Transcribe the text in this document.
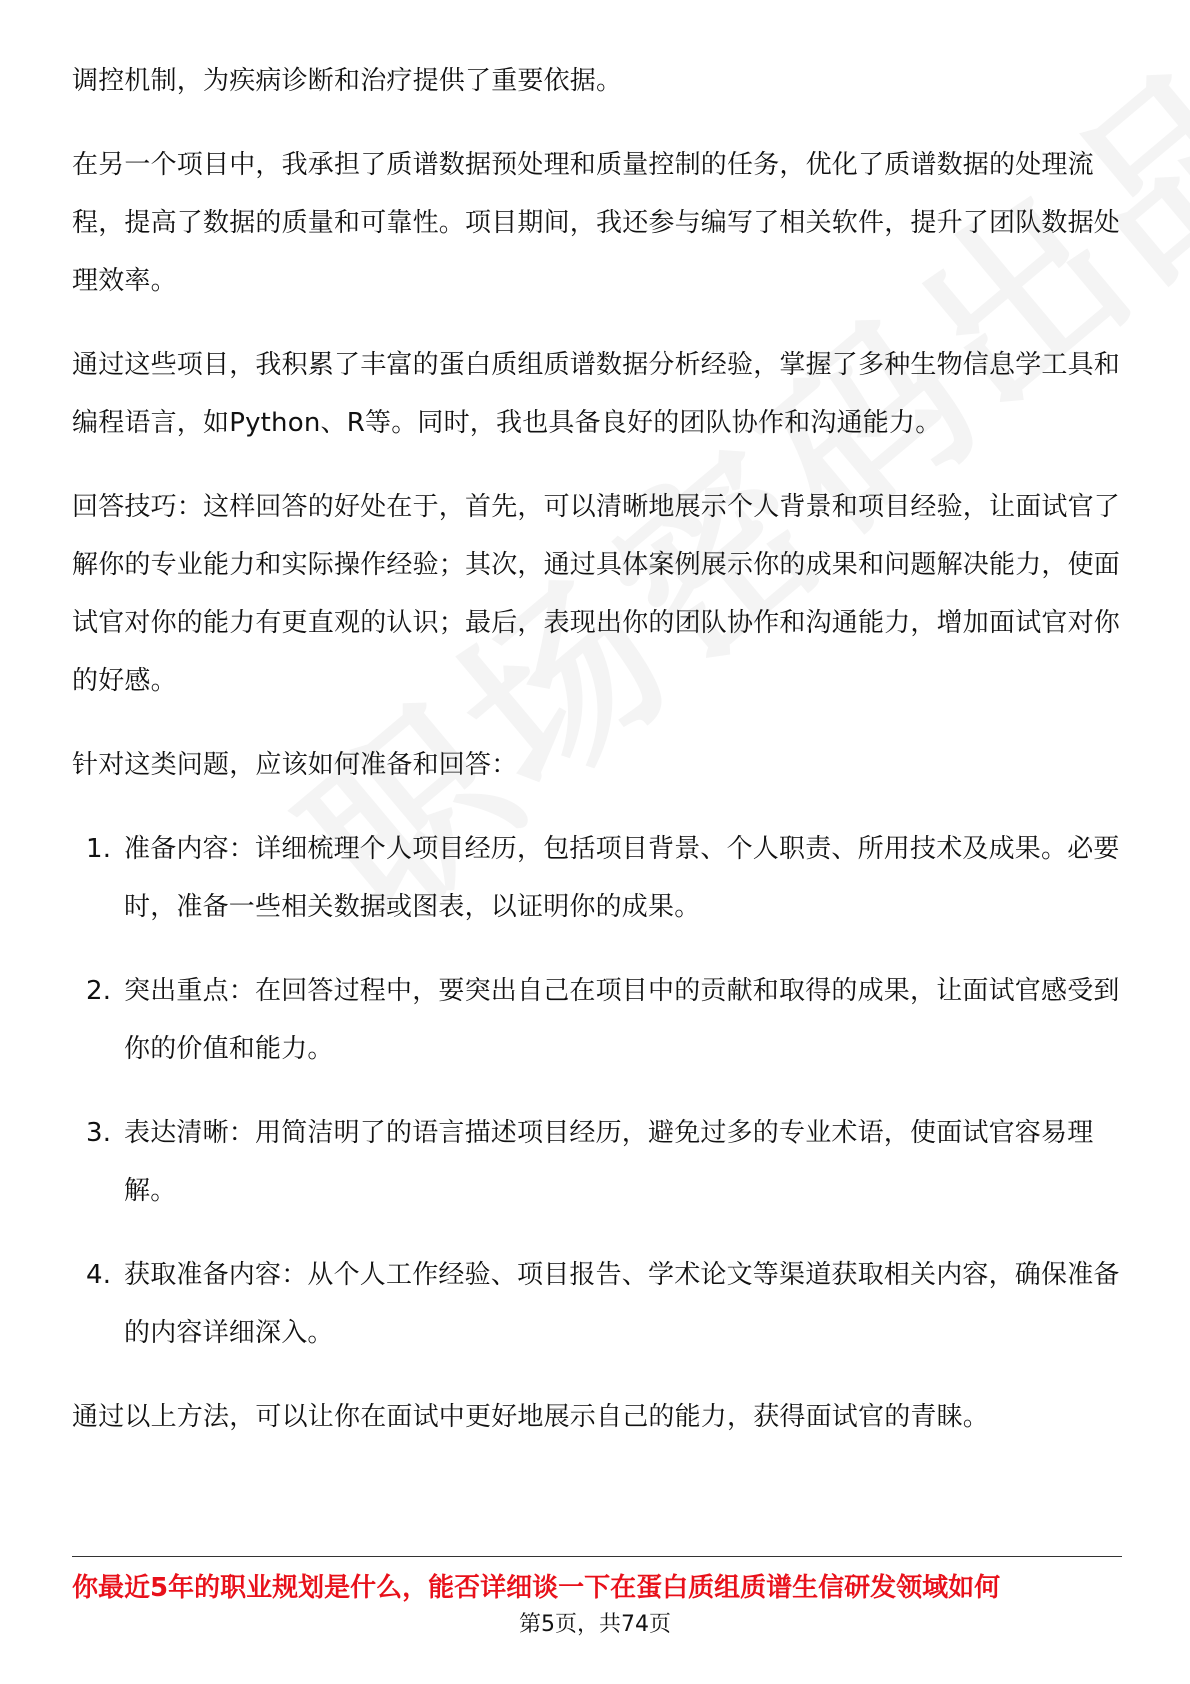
调控机制，为疾病诊断和治疗提供了重要依据。

在另一个项目中，我承担了质谱数据预处理和质量控制的任务，优化了质谱数据的处理流程，提高了数据的质量和可靠性。项目期间，我还参与编写了相关软件，提升了团队数据处理效率。

通过这些项目，我积累了丰富的蛋白质组质谱数据分析经验，掌握了多种生物信息学工具和编程语言，如Python、R等。同时，我也具备良好的团队协作和沟通能力。

回答技巧：这样回答的好处在于，首先，可以清晰地展示个人背景和项目经验，让面试官了解你的专业能力和实际操作经验；其次，通过具体案例展示你的成果和问题解决能力，使面试官对你的能力有更直观的认识；最后，表现出你的团队协作和沟通能力，增加面试官对你的好感。

针对这类问题，应该如何准备和回答：

1. 准备内容：详细梳理个人项目经历，包括项目背景、个人职责、所用技术及成果。必要时，准备一些相关数据或图表，以证明你的成果。
2. 突出重点：在回答过程中，要突出自己在项目中的贡献和取得的成果，让面试官感受到你的价值和能力。
3. 表达清晰：用简洁明了的语言描述项目经历，避免过多的专业术语，使面试官容易理解。
4. 获取准备内容：从个人工作经验、项目报告、学术论文等渠道获取相关内容，确保准备的内容详细深入。

通过以上方法，可以让你在面试中更好地展示自己的能力，获得面试官的青睐。

你最近5年的职业规划是什么，能否详细谈一下在蛋白质组质谱生信研发领域如何
第5页，共74页
